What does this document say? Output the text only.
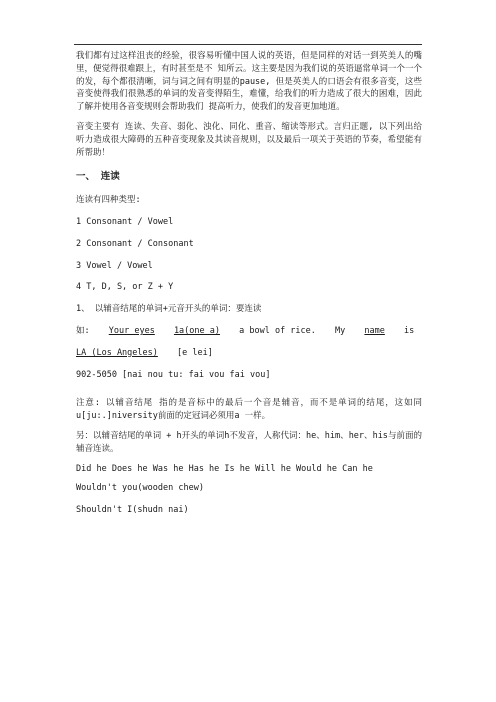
我们都有过这样沮丧的经验，很容易听懂中国人说的英语，但是同样的对话一到英美人的嘴里，便觉得很难跟上，有时甚至是不 知所云。这主要是因为我们说的英语逼常单词一个一个的发，每个都很清晰，词与词之间有明显的pause, 但是英美人的口语会有很多音变，这些音变使得我们很熟悉的单词的发音变得陌生，难懂，给我们的听力造成了很大的困难，因此了解并使用各音变规则会帮助我们 提高听力，使我们的发音更加地道。

音变主要有 连读、失音、弱化、浊化、同化、重音、缩读等形式。言归正题, 以下列出给听力造成很大障碍的五种音变现象及其读音规则，以及最后一项关于英语的节奏，希望能有所帮助！

一、 连读
连读有四种类型:
1 Consonant / Vowel
2 Consonant / Consonant
3 Vowel / Vowel
4 T, D, S, or Z + Y
1、 以辅音结尾的单词+元音开头的单词：要连读
如: Your eyes 1a(one a) a bowl of rice. My name is
LA (Los Angeles) [e lei]
902-5050 [nai nou tu: fai vou fai vou]

注意: 以辅音结尾 指的是音标中的最后一个音是辅音，而不是单词的结尾，这如同u[ju:.]niversity前面的定冠词必须用a 一样。

另：以辅音结尾的单词 + h开头的单词h不发音，人称代词：he、him、her、his与前面的辅音连读。

Did he Does he Was he Has he Is he Will he Would he Can he

Wouldn't you(wooden chew)
Shouldn't I(shudn nai)
